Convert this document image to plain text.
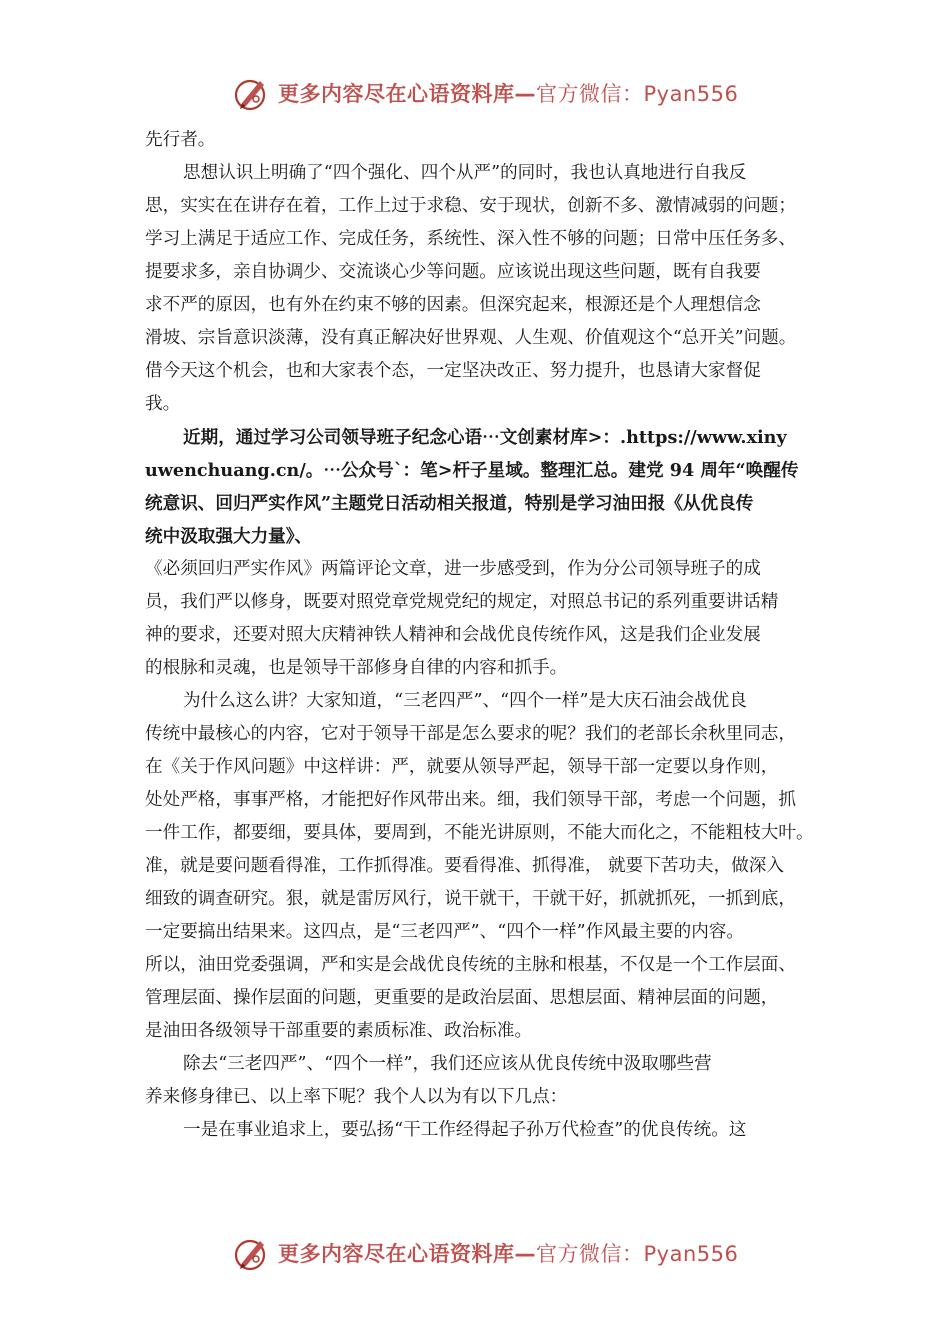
更多内容尽在心语资料库—官方微信：Pyan556
先行者。
思想认识上明确了“四个强化、四个从严”的同时，我也认真地进行自我反
思，实实在在讲存在着，工作上过于求稳、安于现状，创新不多、激情减弱的问题；
学习上满足于适应工作、完成任务，系统性、深入性不够的问题；日常中压任务多、
提要求多，亲自协调少、交流谈心少等问题。应该说出现这些问题，既有自我要
求不严的原因，也有外在约束不够的因素。但深究起来，根源还是个人理想信念
滑坡、宗旨意识淡薄，没有真正解决好世界观、人生观、价值观这个“总开关”问题。
借今天这个机会，也和大家表个态，一定坚决改正、努力提升，也恳请大家督促
我。
近期，通过学习公司领导班子纪念心语⋯文创素材库>：.https://www.xiny
uwenchuang.cn/。⋯公众号`：笔>杆子星域。整理汇总。建党 94 周年“唤醒传
统意识、回归严实作风”主题党日活动相关报道，特别是学习油田报《从优良传
统中汲取强大力量》、
《必须回归严实作风》两篇评论文章，进一步感受到，作为分公司领导班子的成
员，我们严以修身，既要对照党章党规党纪的规定，对照总书记的系列重要讲话精
神的要求，还要对照大庆精神铁人精神和会战优良传统作风，这是我们企业发展
的根脉和灵魂，也是领导干部修身自律的内容和抓手。
为什么这么讲？大家知道，“三老四严”、“四个一样”是大庆石油会战优良
传统中最核心的内容，它对于领导干部是怎么要求的呢？我们的老部长余秋里同志，
在《关于作风问题》中这样讲：严，就要从领导严起，领导干部一定要以身作则，
处处严格，事事严格，才能把好作风带出来。细，我们领导干部，考虑一个问题，抓
一件工作，都要细，要具体，要周到，不能光讲原则，不能大而化之，不能粗枝大叶。
准，就是要问题看得准，工作抓得准。要看得准、抓得准， 就要下苦功夫，做深入
细致的调查研究。狠，就是雷厉风行，说干就干，干就干好，抓就抓死，一抓到底，
一定要搞出结果来。这四点，是“三老四严”、“四个一样”作风最主要的内容。
所以，油田党委强调，严和实是会战优良传统的主脉和根基，不仅是一个工作层面、
管理层面、操作层面的问题，更重要的是政治层面、思想层面、精神层面的问题，
是油田各级领导干部重要的素质标准、政治标准。
除去“三老四严”、“四个一样”，我们还应该从优良传统中汲取哪些营
养来修身律已、以上率下呢？我个人以为有以下几点：
一是在事业追求上，要弘扬“干工作经得起子孙万代检查”的优良传统。这
更多内容尽在心语资料库—官方微信：Pyan556
